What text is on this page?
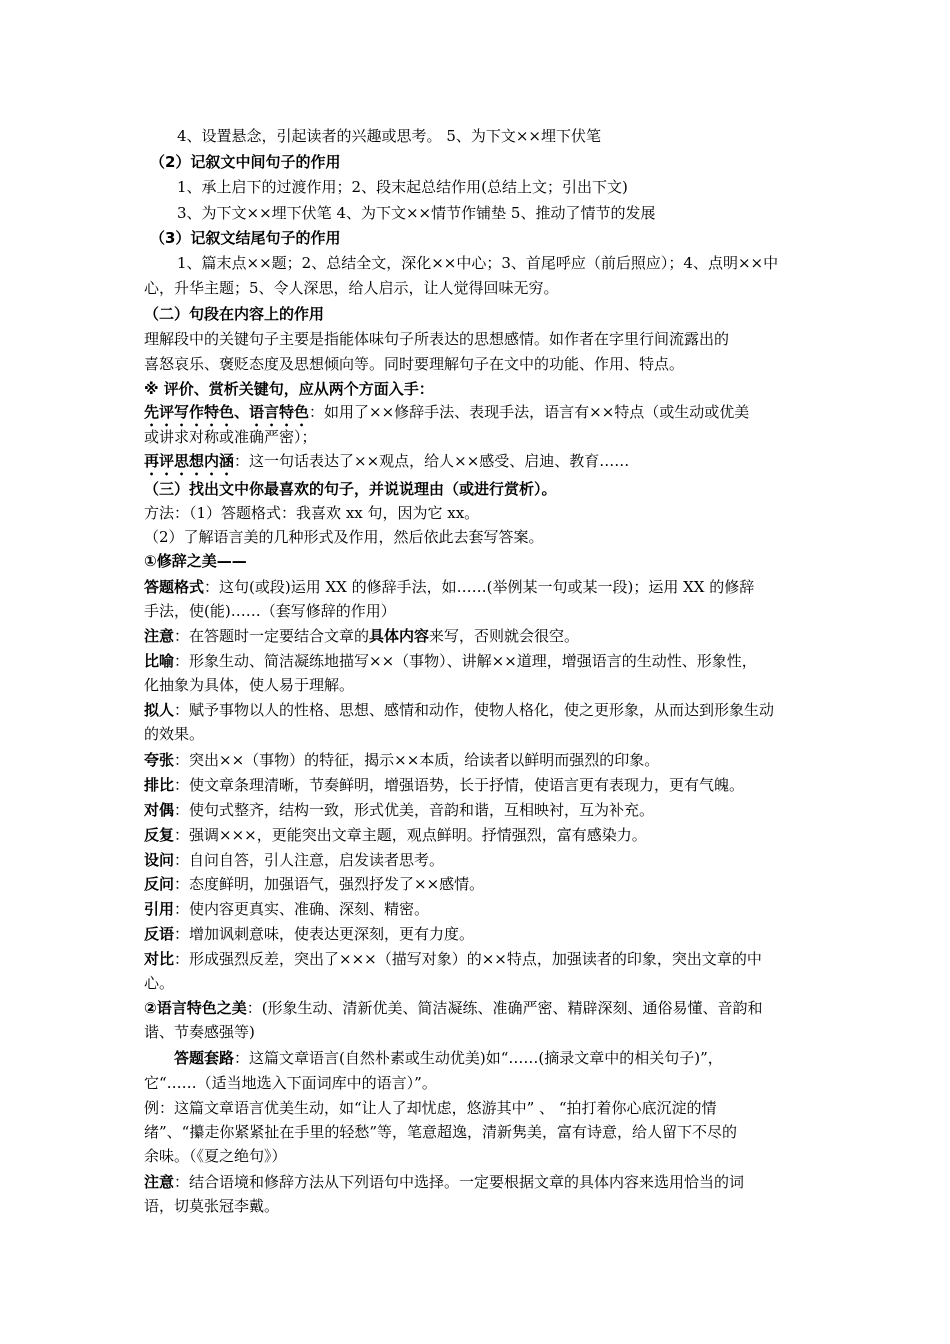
4、设置悬念，引起读者的兴趣或思考。 5、为下文××埋下伏笔
（2）记叙文中间句子的作用
1、承上启下的过渡作用；2、段末起总结作用(总结上文；引出下文)
3、为下文××埋下伏笔 4、为下文××情节作铺垫 5、推动了情节的发展
（3）记叙文结尾句子的作用
1、篇末点××题；2、总结全文，深化××中心；3、首尾呼应（前后照应）；4、点明××中
心，升华主题；5、令人深思，给人启示，让人觉得回味无穷。
（二）句段在内容上的作用
理解段中的关键句子主要是指能体味句子所表达的思想感情。如作者在字里行间流露出的
喜怒哀乐、褒贬态度及思想倾向等。同时要理解句子在文中的功能、作用、特点。
※ 评价、赏析关键句，应从两个方面入手：
先评写作特色、语言特色：如用了××修辞手法、表现手法，语言有××特点（或生动或优美
或讲求对称或准确严密）；
再评思想内涵：这一句话表达了××观点，给人××感受、启迪、教育……
（三）找出文中你最喜欢的句子，并说说理由（或进行赏析）。
方法：（1）答题格式：我喜欢 xx 句，因为它 xx。
（2）了解语言美的几种形式及作用，然后依此去套写答案。
①修辞之美——
答题格式：这句(或段)运用 XX 的修辞手法，如……(举例某一句或某一段)；运用 XX 的修辞
手法，使(能)……（套写修辞的作用）
注意：在答题时一定要结合文章的具体内容来写，否则就会很空。
比喻：形象生动、简洁凝练地描写××（事物）、讲解××道理，增强语言的生动性、形象性，
化抽象为具体，使人易于理解。
拟人：赋予事物以人的性格、思想、感情和动作，使物人格化，使之更形象，从而达到形象生动
的效果。
夸张：突出××（事物）的特征，揭示××本质，给读者以鲜明而强烈的印象。
排比：使文章条理清晰，节奏鲜明，增强语势，长于抒情，使语言更有表现力，更有气魄。
对偶：使句式整齐，结构一致，形式优美，音韵和谐，互相映衬，互为补充。
反复：强调×××，更能突出文章主题，观点鲜明。抒情强烈，富有感染力。
设问：自问自答，引人注意，启发读者思考。
反问：态度鲜明，加强语气，强烈抒发了××感情。
引用：使内容更真实、准确、深刻、精密。
反语：增加讽刺意味，使表达更深刻，更有力度。
对比：形成强烈反差，突出了×××（描写对象）的××特点，加强读者的印象，突出文章的中
心。
②语言特色之美：(形象生动、清新优美、简洁凝练、准确严密、精辟深刻、通俗易懂、音韵和
谐、节奏感强等)
答题套路：这篇文章语言(自然朴素或生动优美)如“……(摘录文章中的相关句子)”，
它“……（适当地选入下面词库中的语言）”。
例：这篇文章语言优美生动，如“让人了却忧虑，悠游其中” 、 “拍打着你心底沉淀的情
绪”、“攥走你紧紧扯在手里的轻愁”等，笔意超逸，清新隽美，富有诗意，给人留下不尽的
余味。（《夏之绝句》）
注意：结合语境和修辞方法从下列语句中选择。一定要根据文章的具体内容来选用恰当的词
语，切莫张冠李戴。
